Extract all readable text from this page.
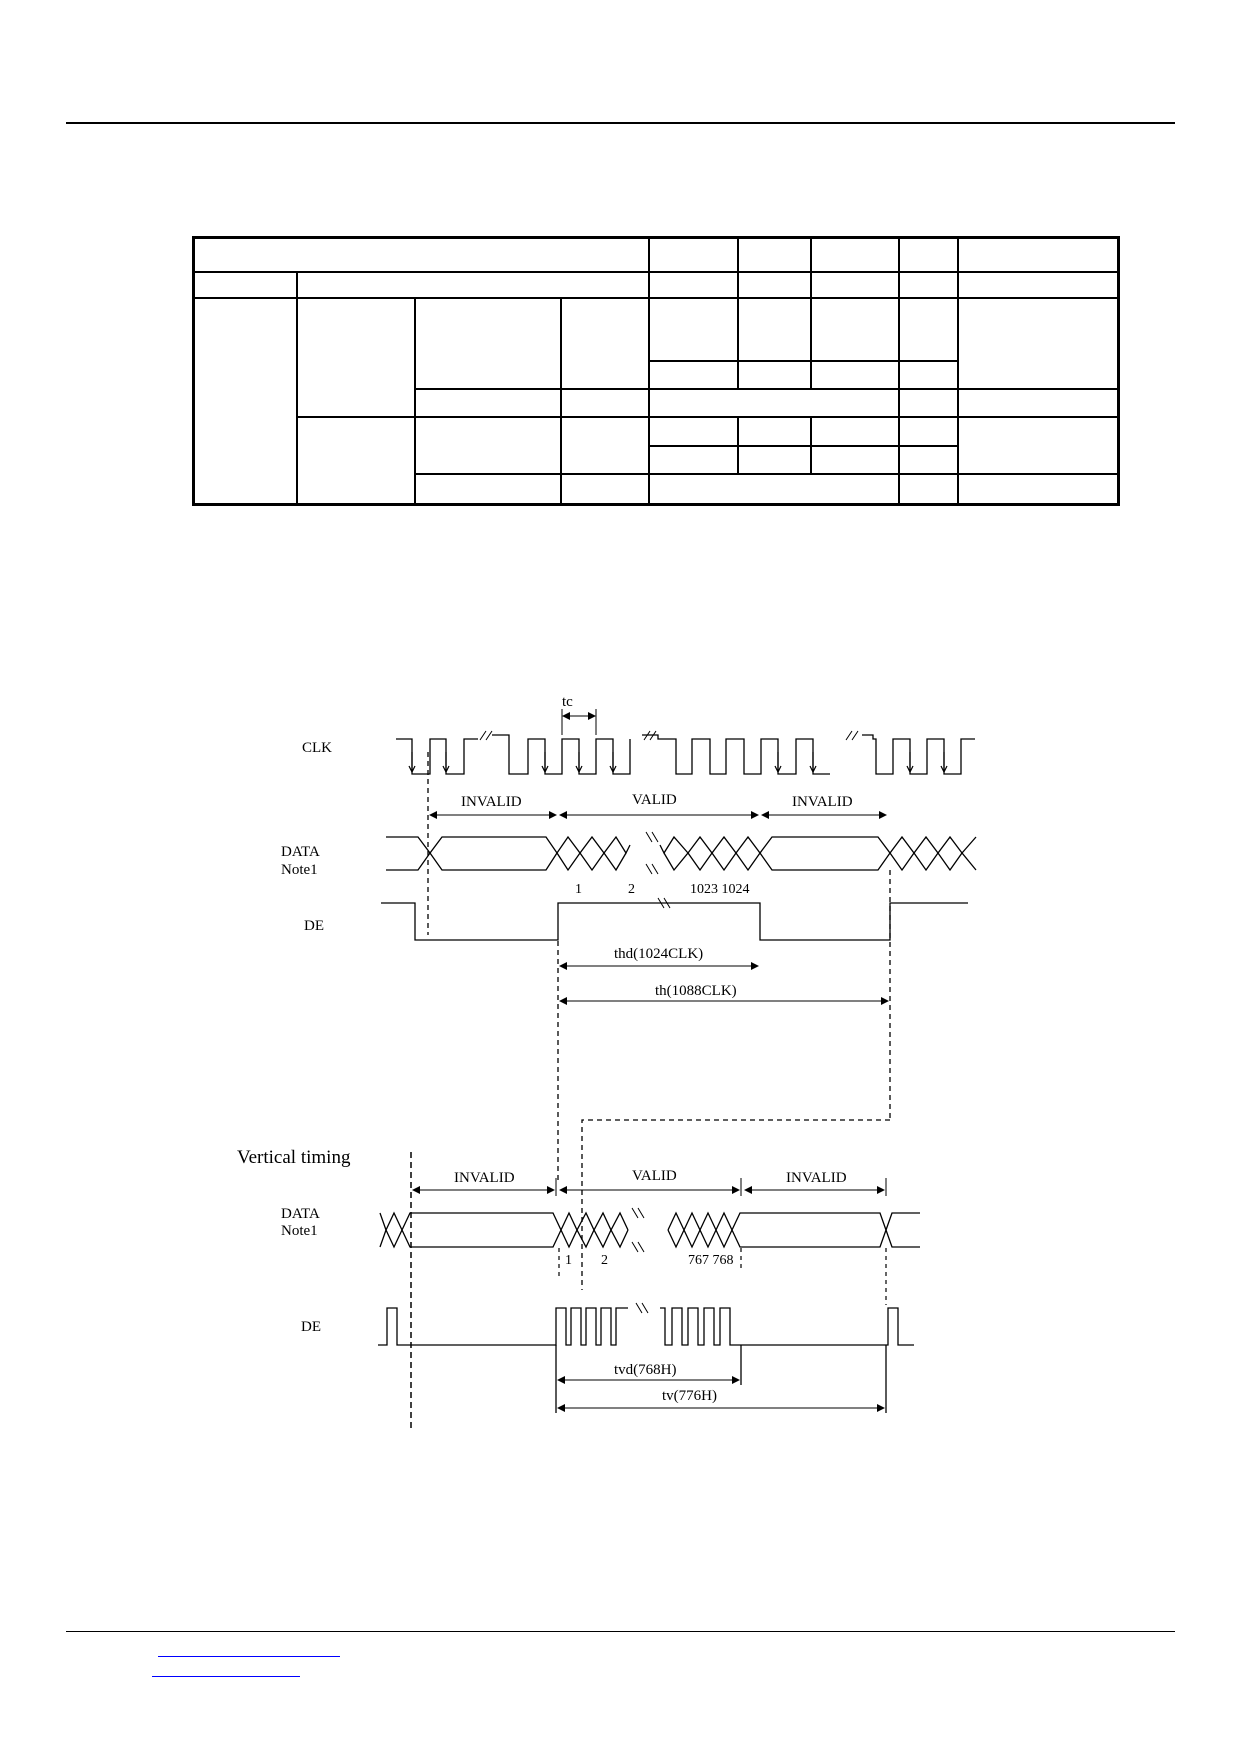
CLK
DATA
Note1
DE
Vertical timing
DATA
Note1
DE
tc
INVALID	VALID	INVALID
1	2	1023 1024
thd(1024CLK)
th(1088CLK)
INVALID	VALID	INVALID
1 2	767 768
tvd(768H)
tv(776H)
